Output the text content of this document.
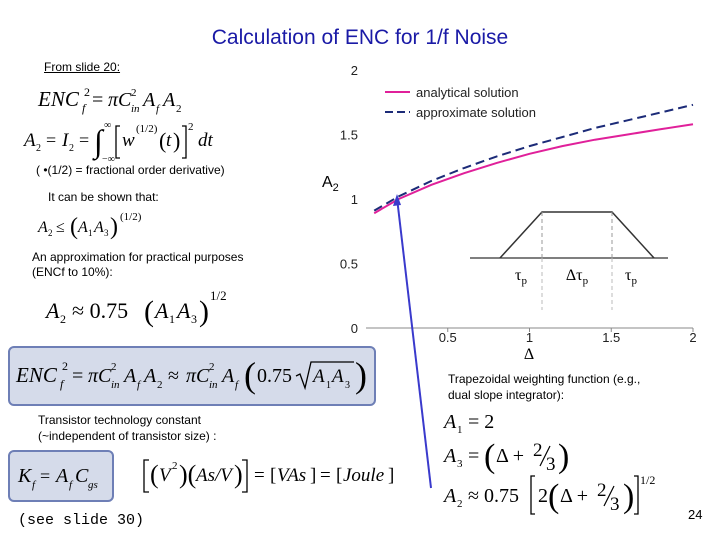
Calculation of ENC for 1/f Noise
From slide 20:
ENC 2
f = πC 2
in A f A 2
A 2 = I 2 = ∫ ∞
−∞
w
(1/2) ( t )
2
dt
( •(1/2) = fractional order derivative)
It can be shown that:
A 2 ≤ ( A 1 A 3 ) (1/2)
An approximation for practical purposes
(ENCf to 10%):
A 2 ≈ 0.75 ( A 1 A 3 ) 1/2
ENC 2
f = πC 2
in A f A 2 ≈ πC 2
in A f ( 0.75 A 1 A 3 )
Transistor technology constant
(~independent of transistor size) :
K f = A f C gs ( V 2 )( As/V ) = [ VAs ] = [ Joule ]
(see slide 30)
Trapezoidal weighting function (e.g.,
dual slope integrator):
A 1 = 2
A 3 = ( Δ + 2
3 )
A 2 ≈ 0.75 2 ( Δ + 2
3 ) 1/2
24
0
0.5
1
1.5
2
0.5	1	1.5	2
$A_2$
Δ
$\tau_p$ $\Delta\tau_p$ $\tau_p$
analytical solution
approximate solution
